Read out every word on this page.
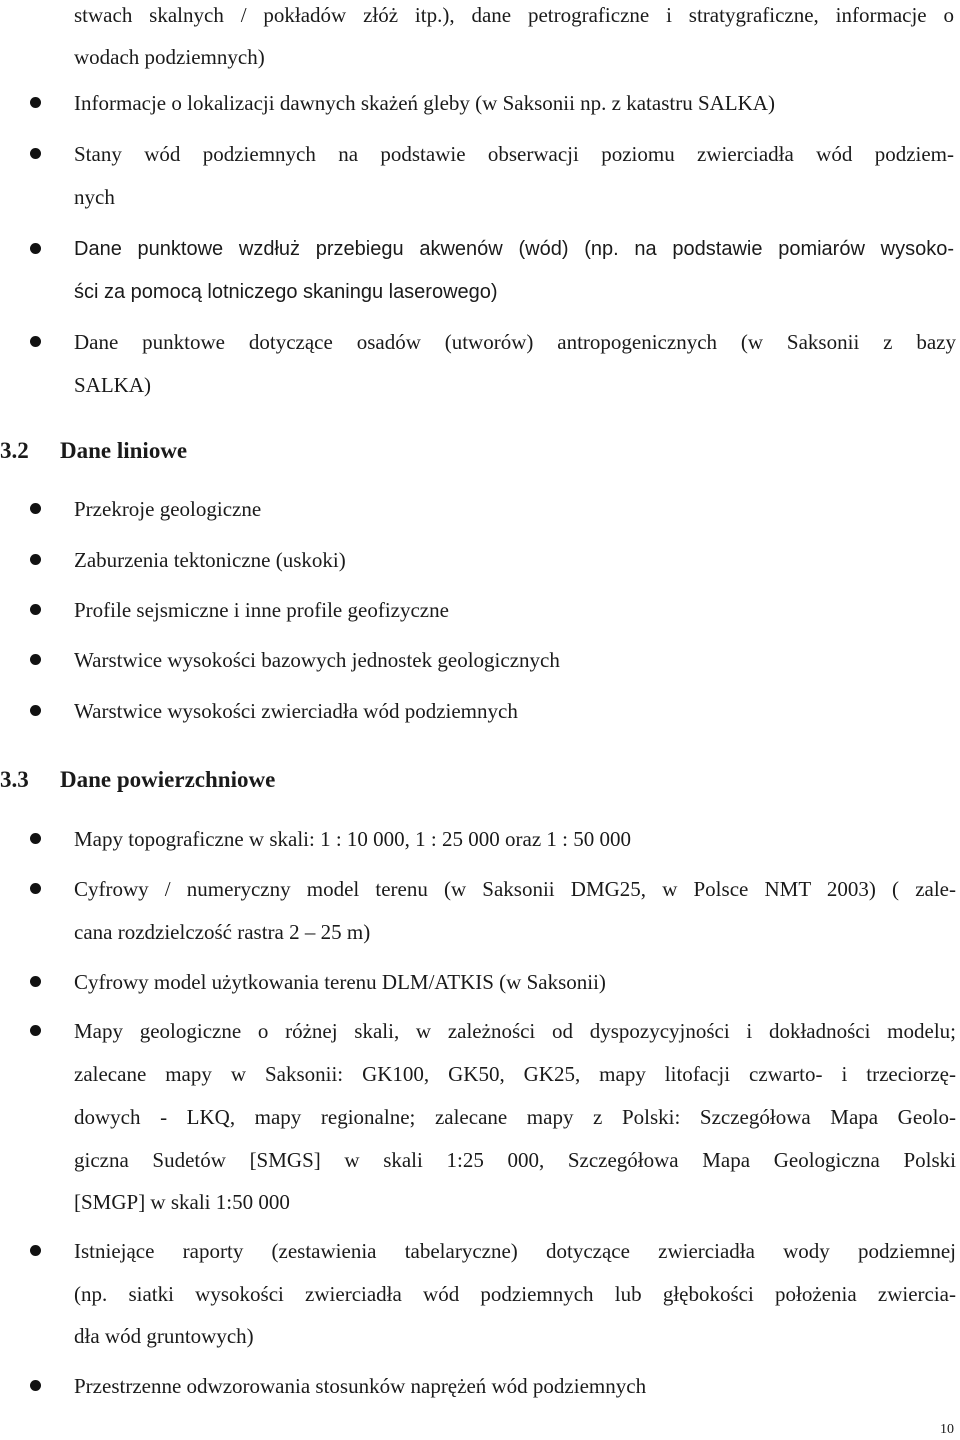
stwach skalnych / pokładów złóż itp.), dane petrograficzne i stratygraficzne, informacje o
wodach podziemnych)
Informacje o lokalizacji dawnych skażeń gleby (w Saksonii np. z katastru SALKA)
Stany wód podziemnych na podstawie obserwacji poziomu zwierciadła wód podziem-
nych
Dane punktowe wzdłuż przebiegu akwenów (wód) (np. na podstawie pomiarów wysoko-
ści za pomocą lotniczego skaningu laserowego)
Dane punktowe dotyczące osadów (utworów) antropogenicznych (w Saksonii z bazy
SALKA)
3.2 Dane liniowe
Przekroje geologiczne
Zaburzenia tektoniczne (uskoki)
Profile sejsmiczne i inne profile geofizyczne
Warstwice wysokości bazowych jednostek geologicznych
Warstwice wysokości zwierciadła wód podziemnych
3.3 Dane powierzchniowe
Mapy topograficzne w skali: 1 : 10 000, 1 : 25 000 oraz 1 : 50 000
Cyfrowy / numeryczny model terenu (w Saksonii DMG25, w Polsce NMT 2003) ( zale-
cana rozdzielczość rastra 2 – 25 m)
Cyfrowy model użytkowania terenu DLM/ATKIS (w Saksonii)
Mapy geologiczne o różnej skali, w zależności od dyspozycyjności i dokładności modelu;
zalecane mapy w Saksonii: GK100, GK50, GK25, mapy litofacji czwarto- i trzeciorzę-
dowych - LKQ, mapy regionalne; zalecane mapy z Polski: Szczegółowa Mapa Geolo-
giczna Sudetów [SMGS] w skali 1:25 000, Szczegółowa Mapa Geologiczna Polski
[SMGP] w skali 1:50 000
Istniejące raporty (zestawienia tabelaryczne) dotyczące zwierciadła wody podziemnej
(np. siatki wysokości zwierciadła wód podziemnych lub głębokości położenia zwiercia-
dła wód gruntowych)
Przestrzenne odwzorowania stosunków naprężeń wód podziemnych
10
